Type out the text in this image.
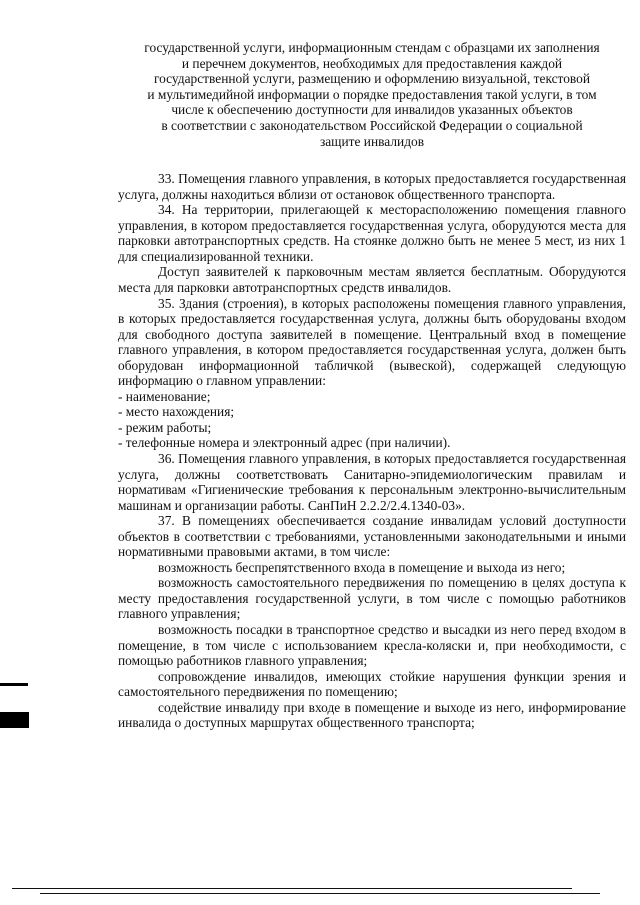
государственной услуги, информационным стендам с образцами их заполнения
и перечнем документов, необходимых для предоставления каждой
государственной услуги, размещению и оформлению визуальной, текстовой
и мультимедийной информации о порядке предоставления такой услуги, в том
числе к обеспечению доступности для инвалидов указанных объектов
в соответствии с законодательством Российской Федерации о социальной
защите инвалидов

33. Помещения главного управления, в которых предоставляется государственная услуга, должны находиться вблизи от остановок общественного транспорта.

34. На территории, прилегающей к месторасположению помещения главного управления, в котором предоставляется государственная услуга, оборудуются места для парковки автотранспортных средств. На стоянке должно быть не менее 5 мест, из них 1 для специализированной техники.

Доступ заявителей к парковочным местам является бесплатным. Оборудуются места для парковки автотранспортных средств инвалидов.

35. Здания (строения), в которых расположены помещения главного управления, в которых предоставляется государственная услуга, должны быть оборудованы входом для свободного доступа заявителей в помещение. Центральный вход в помещение главного управления, в котором предоставляется государственная услуга, должен быть оборудован информационной табличкой (вывеской), содержащей следующую информацию о главном управлении:

- наименование;

- место нахождения;

- режим работы;

- телефонные номера и электронный адрес (при наличии).

36. Помещения главного управления, в которых предоставляется государственная услуга, должны соответствовать Санитарно-эпидемиологическим правилам и нормативам «Гигиенические требования к персональным электронно-вычислительным машинам и организации работы. СанПиН 2.2.2/2.4.1340-03».

37. В помещениях обеспечивается создание инвалидам условий доступности объектов в соответствии с требованиями, установленными законодательными и иными нормативными правовыми актами, в том числе:

возможность беспрепятственного входа в помещение и выхода из него;

возможность самостоятельного передвижения по помещению в целях доступа к месту предоставления государственной услуги, в том числе с помощью работников главного управления;

возможность посадки в транспортное средство и высадки из него перед входом в помещение, в том числе с использованием кресла-коляски и, при необходимости, с помощью работников главного управления;

сопровождение инвалидов, имеющих стойкие нарушения функции зрения и самостоятельного передвижения по помещению;

содействие инвалиду при входе в помещение и выходе из него, информирование инвалида о доступных маршрутах общественного транспорта;
